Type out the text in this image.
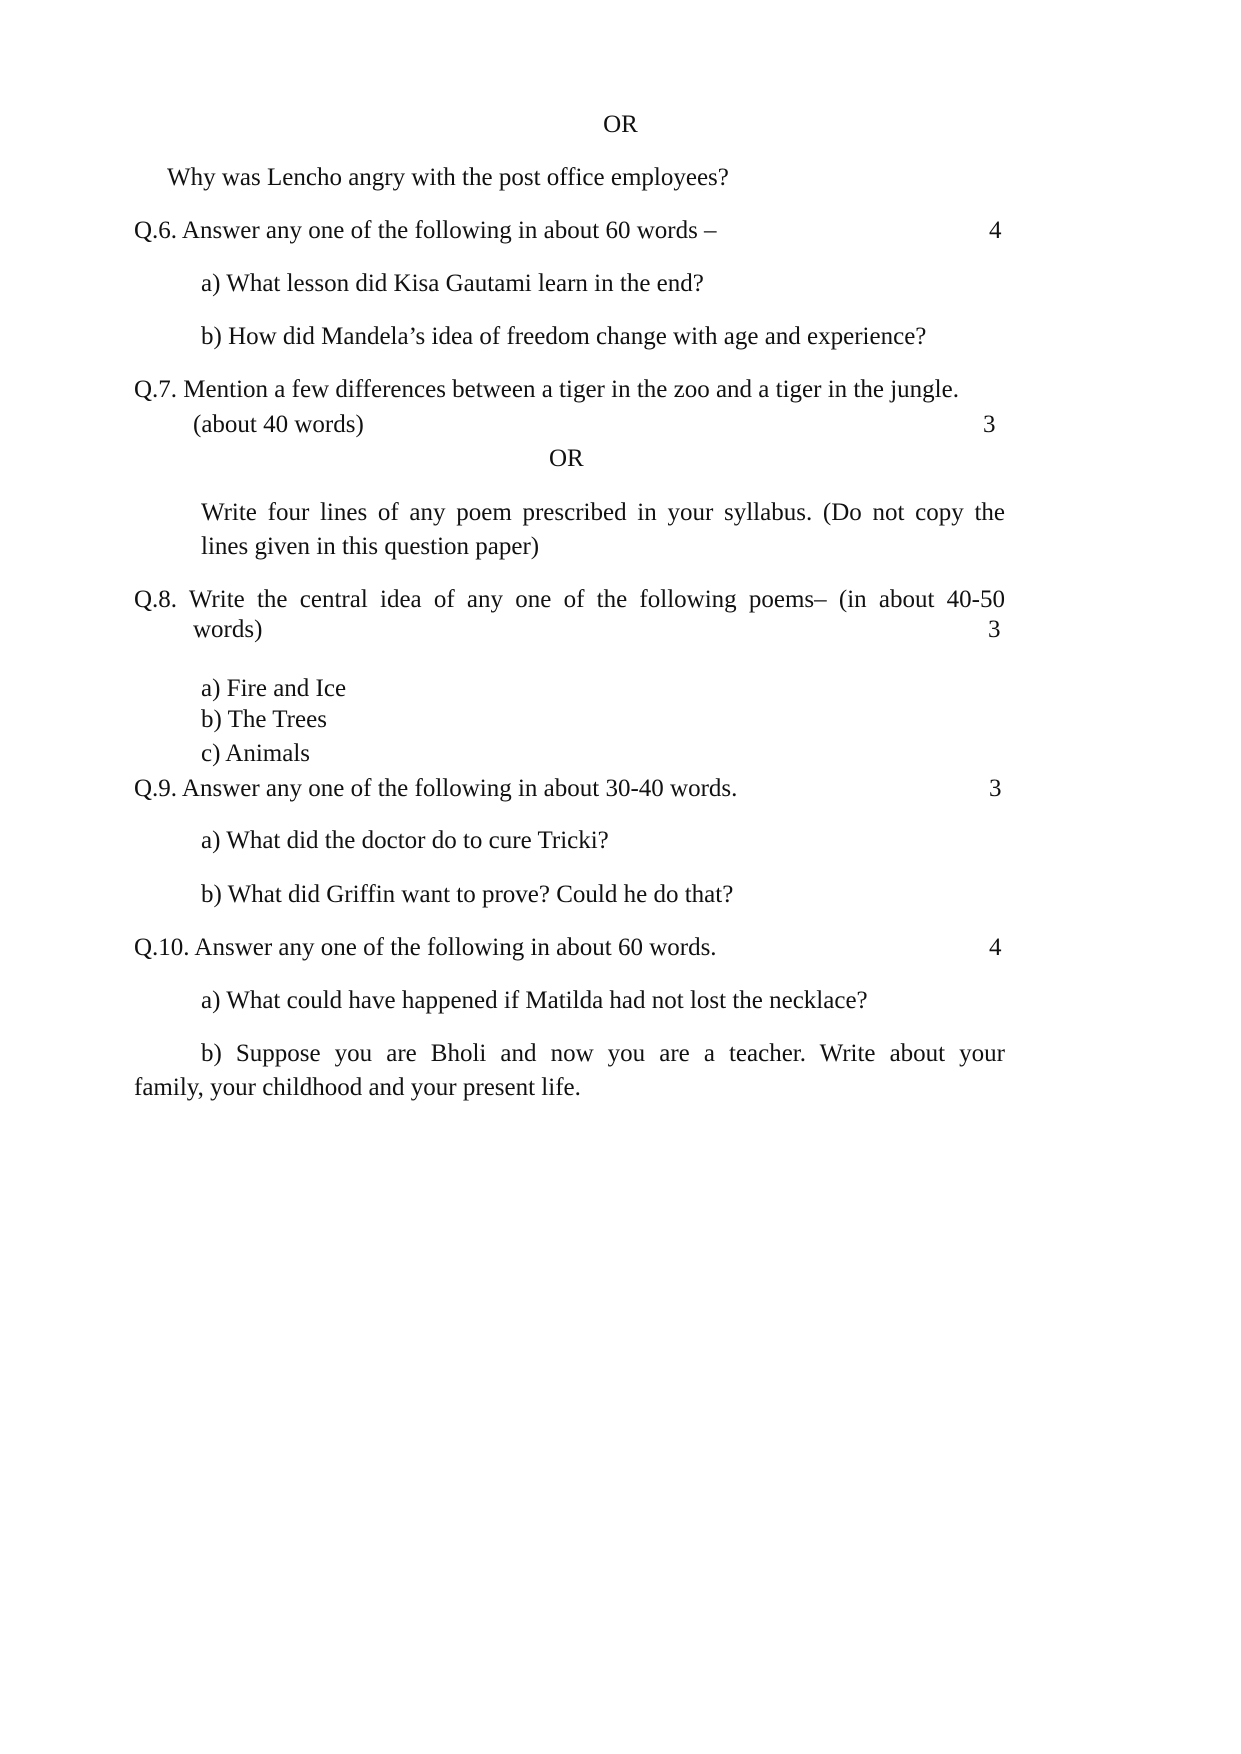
OR
Why was Lencho angry with the post office employees?
Q.6. Answer any one of the following in about 60 words –	4
a) What lesson did Kisa Gautami learn in the end?
b) How did Mandela’s idea of freedom change with age and experience?
Q.7. Mention a few differences between a tiger in the zoo and a tiger in the jungle.
(about 40 words)	3
OR
Write four lines of any poem prescribed in your syllabus. (Do not copy the
lines given in this question paper)
Q.8. Write the central idea of any one of the following poems– (in about 40-50
words)	3
a) Fire and Ice
b) The Trees
c) Animals
Q.9. Answer any one of the following in about 30-40 words.	3
a) What did the doctor do to cure Tricki?
b) What did Griffin want to prove? Could he do that?
Q.10. Answer any one of the following in about 60 words.	4
a) What could have happened if Matilda had not lost the necklace?
b) Suppose you are Bholi and now you are a teacher. Write about your
family, your childhood and your present life.
